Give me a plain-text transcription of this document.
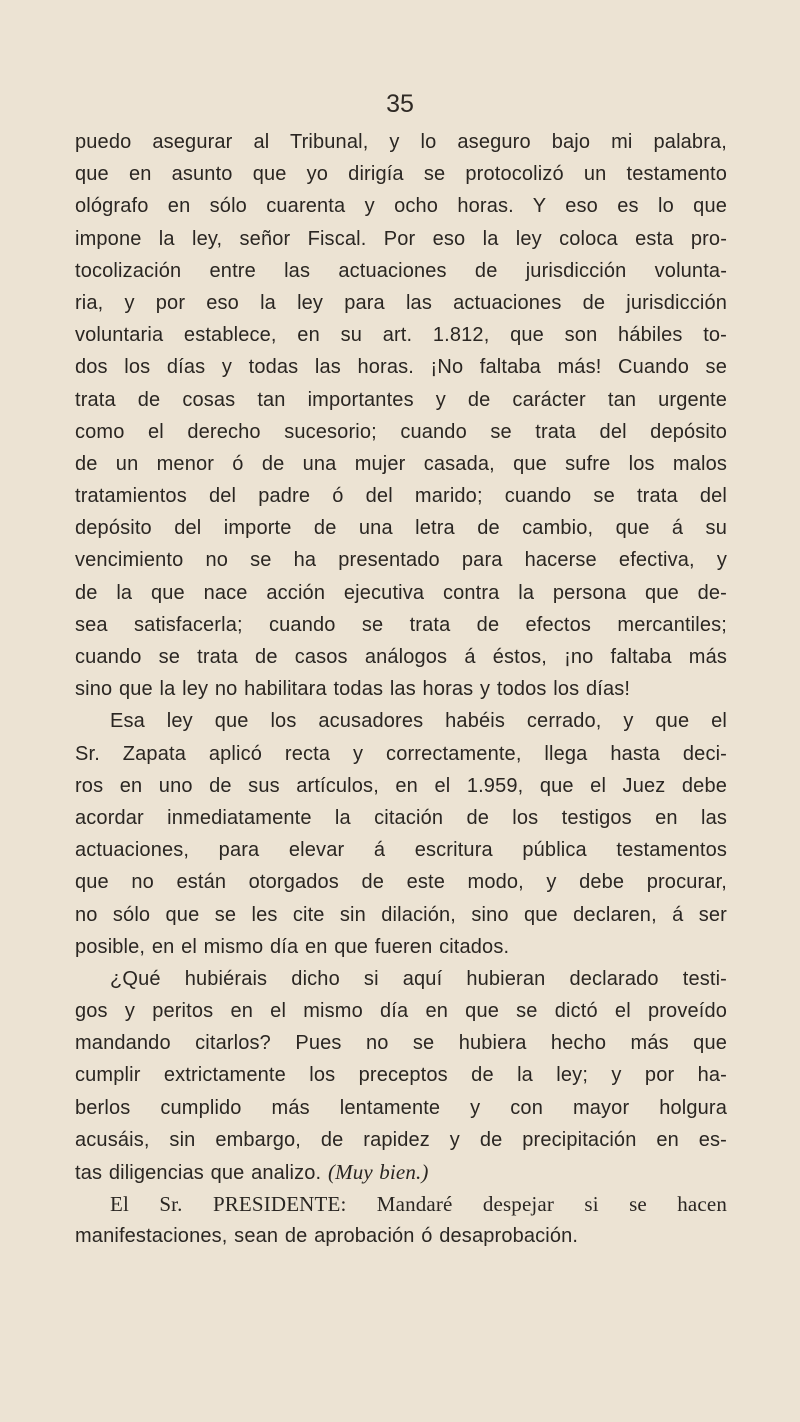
35
puedo asegurar al Tribunal, y lo aseguro bajo mi palabra,
que en asunto que yo dirigía se protocolizó un testamento
ológrafo en sólo cuarenta y ocho horas. Y eso es lo que
impone la ley, señor Fiscal. Por eso la ley coloca esta pro-
tocolización entre las actuaciones de jurisdicción volunta-
ria, y por eso la ley para las actuaciones de jurisdicción
voluntaria establece, en su art. 1.812, que son hábiles to-
dos los días y todas las horas. ¡No faltaba más! Cuando se
trata de cosas tan importantes y de carácter tan urgente
como el derecho sucesorio; cuando se trata del depósito
de un menor ó de una mujer casada, que sufre los malos
tratamientos del padre ó del marido; cuando se trata del
depósito del importe de una letra de cambio, que á su
vencimiento no se ha presentado para hacerse efectiva, y
de la que nace acción ejecutiva contra la persona que de-
sea satisfacerla; cuando se trata de efectos mercantiles;
cuando se trata de casos análogos á éstos, ¡no faltaba más
sino que la ley no habilitara todas las horas y todos los días!
Esa ley que los acusadores habéis cerrado, y que el
Sr. Zapata aplicó recta y correctamente, llega hasta deci-
ros en uno de sus artículos, en el 1.959, que el Juez debe
acordar inmediatamente la citación de los testigos en las
actuaciones, para elevar á escritura pública testamentos
que no están otorgados de este modo, y debe procurar,
no sólo que se les cite sin dilación, sino que declaren, á ser
posible, en el mismo día en que fueren citados.
¿Qué hubiérais dicho si aquí hubieran declarado testi-
gos y peritos en el mismo día en que se dictó el proveído
mandando citarlos? Pues no se hubiera hecho más que
cumplir extrictamente los preceptos de la ley; y por ha-
berlos cumplido más lentamente y con mayor holgura
acusáis, sin embargo, de rapidez y de precipitación en es-
tas diligencias que analizo. (Muy bien.)
El Sr. PRESIDENTE: Mandaré despejar si se hacen
manifestaciones, sean de aprobación ó desaprobación.
